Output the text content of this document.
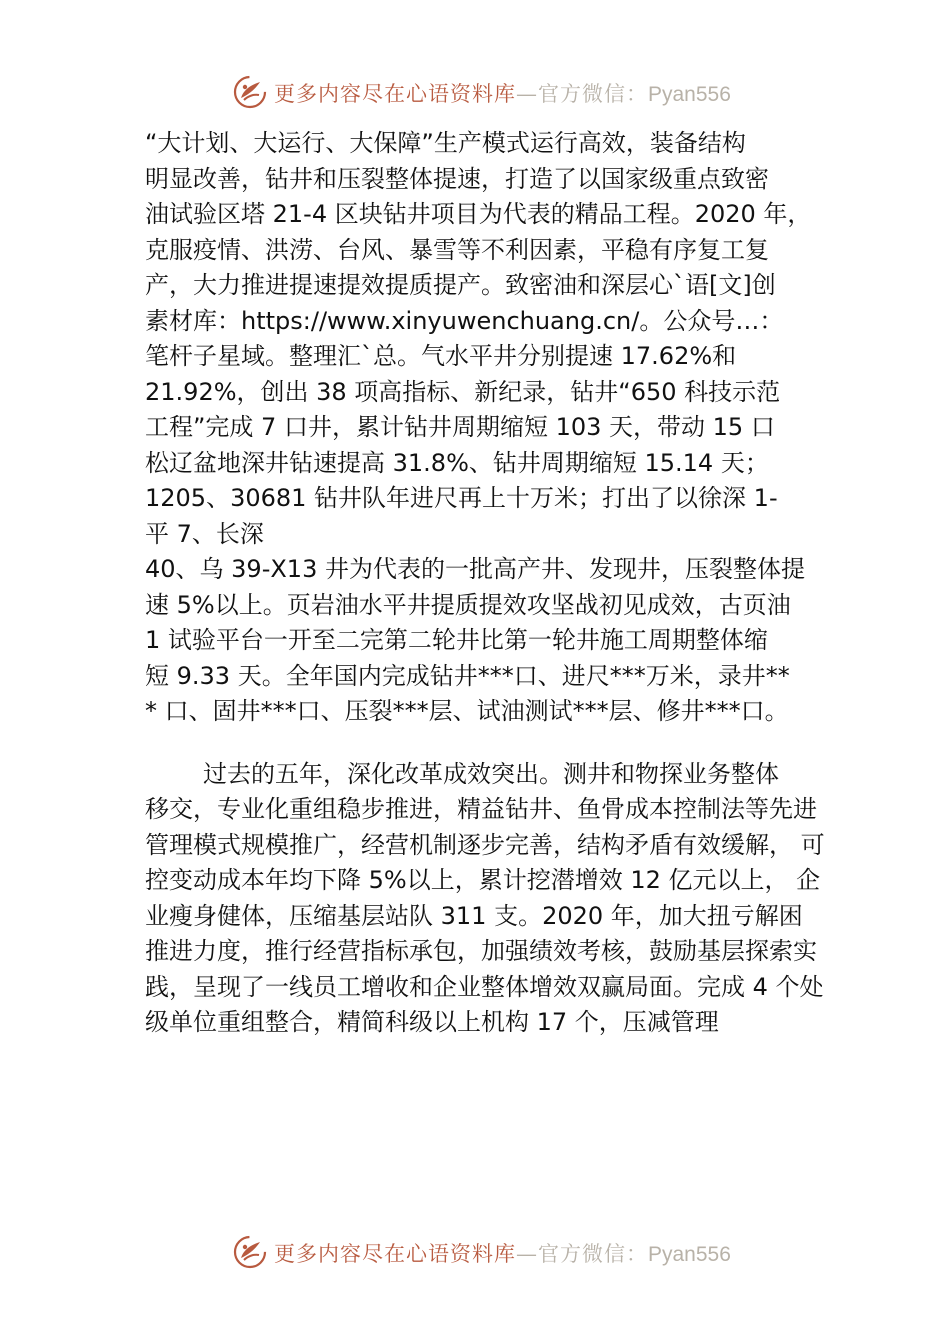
更多内容尽在心语资料库—官方微信：Pyan556
“大计划、大运行、大保障”生产模式运行高效，装备结构
明显改善，钻井和压裂整体提速，打造了以国家级重点致密
油试验区塔 21-4 区块钻井项目为代表的精品工程。2020 年，
克服疫情、洪涝、台风、暴雪等不利因素，平稳有序复工复
产，大力推进提速提效提质提产。致密油和深层心`语[文]创
素材库：https://www.xinyuwenchuang.cn/。公众号…：
笔杆子星域。整理汇`总。气水平井分别提速 17.62%和
21.92%，创出 38 项高指标、新纪录，钻井“650 科技示范
工程”完成 7 口井，累计钻井周期缩短 103 天，带动 15 口
松辽盆地深井钻速提高 31.8%、钻井周期缩短 15.14 天；
1205、30681 钻井队年进尺再上十万米；打出了以徐深 1-
平 7、长深
40、乌 39-X13 井为代表的一批高产井、发现井，压裂整体提
速 5%以上。页岩油水平井提质提效攻坚战初见成效，古页油
1 试验平台一开至二完第二轮井比第一轮井施工周期整体缩
短 9.33 天。全年国内完成钻井***口、进尺***万米，录井**
* 口、固井***口、压裂***层、试油测试***层、修井***口。
过去的五年，深化改革成效突出。测井和物探业务整体
移交，专业化重组稳步推进，精益钻井、鱼骨成本控制法等先进
管理模式规模推广，经营机制逐步完善，结构矛盾有效缓解， 可
控变动成本年均下降 5%以上，累计挖潜增效 12 亿元以上， 企
业瘦身健体，压缩基层站队 311 支。2020 年，加大扭亏解困
推进力度，推行经营指标承包，加强绩效考核，鼓励基层探索实
践，呈现了一线员工增收和企业整体增效双赢局面。完成 4 个处
级单位重组整合，精简科级以上机构 17 个，压减管理
更多内容尽在心语资料库—官方微信：Pyan556
